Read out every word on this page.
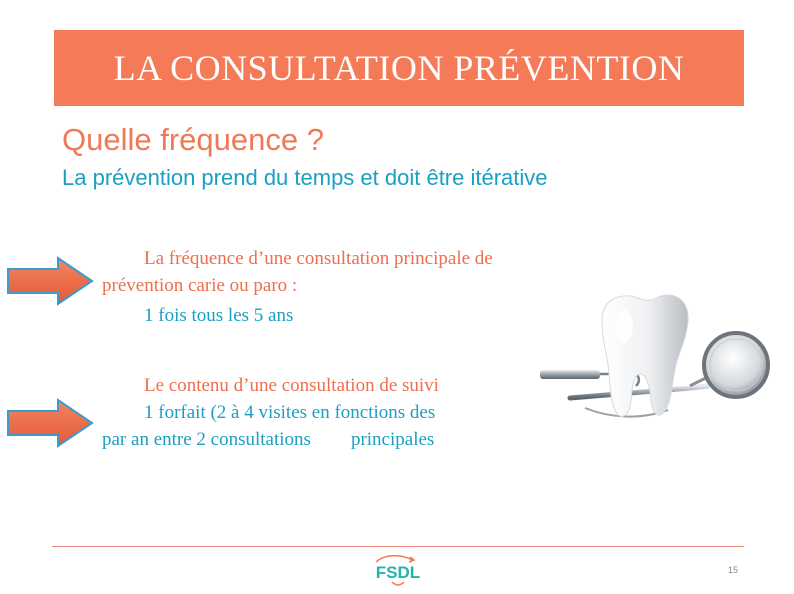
LA CONSULTATION PRÉVENTION
Quelle fréquence ?

La prévention prend du temps et doit être itérative

La fréquence d’une consultation principale de

prévention carie ou paro :

1 fois tous les 5 ans

Le contenu d’une consultation de suivi

1 forfait (2 à 4 visites en fonctions des

par an entre 2 consultations principales

FSDL	15
